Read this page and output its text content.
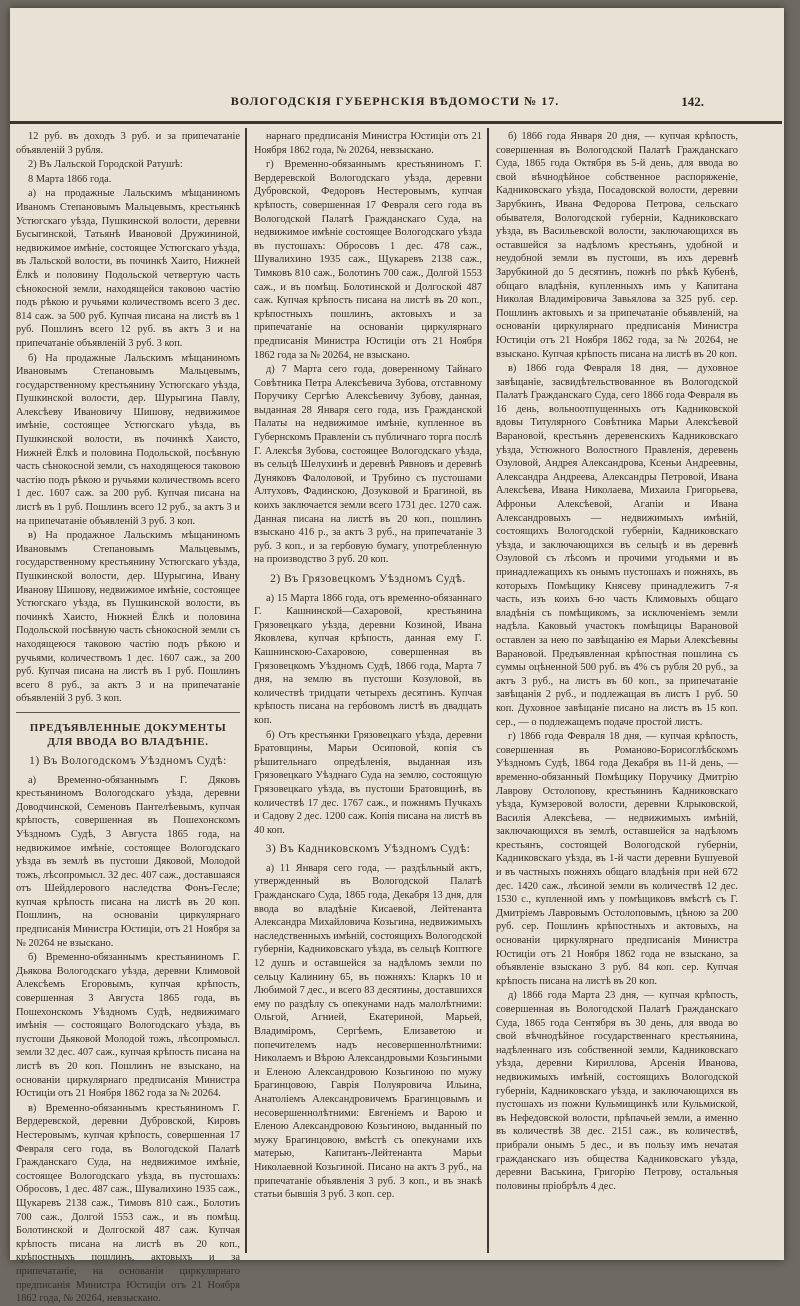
ВОЛОГОДСКІЯ ГУБЕРНСКІЯ ВѢДОМОСТИ № 17.	142.

12 руб. въ доходъ 3 руб. и за припечатаніе объявленій 3 рубля.

2) Въ Лальской Городской Ратушѣ:

8 Марта 1866 года.

а) на продажные Лальскимъ мѣщаниномъ Иваномъ Степановымъ Мальцевымъ, крестьянкѣ Устюгскаго уѣзда, Пушкинской волости, деревни Бусыгинской, Татьянѣ Ивановой Дружининой, недвижимое имѣніе, состоящее Устюгскаго уѣзда, въ Лальской волости, въ починкѣ Хаито, Нижней Ёлкѣ и половину Подольской четвертую часть сѣнокосной земли, находящейся таковою частію подъ рѣкою и ручьями количествомъ всего 3 дес. 814 саж. за 500 руб. Купчая писана на листѣ въ 1 руб. Пошлинъ всего 12 руб. въ актъ 3 и на припечатаніе объявленій 3 руб. 3 коп.

б) На продажные Лальскимъ мѣщаниномъ Ивановымъ Степановымъ Мальцевымъ, государственному крестьянину Устюгскаго уѣзда, Пушкинской волости, дер. Шурыгина Павлу, Алексѣеву Ивановичу Шишову, недвижимое имѣніе, состоящее Устюгскаго уѣзда, въ Пушкинской волости, въ починкѣ Хаисто, Нижней Ёлкѣ и половина Подольской, посѣвную часть сѣнокосной земли, съ находящеюся таковою частію подъ рѣкою и ручьями количествомъ всего 1 дес. 1607 саж. за 200 руб. Купчая писана на листѣ въ 1 руб. Пошлинъ всего 12 руб., за актъ 3 и на припечатаніе объявленій 3 руб. 3 коп.

в) На продажное Лальскимъ мѣщаниномъ Ивановымъ Степановымъ Мальцевымъ, государственному крестьянину Устюгскаго уѣзда, Пушкинской волости, дер. Шурыгина, Ивану Иванову Шишову, недвижимое имѣніе, состоящее Устюгскаго уѣзда, въ Пушкинской волости, въ починкѣ Хаисто, Нижней Ёлкѣ и половина Подольской посѣвную часть сѣнокосной земли съ находящеюся таковою частію подъ рѣкою и ручьями, количествомъ 1 дес. 1607 саж., за 200 руб. Купчая писана на листѣ въ 1 руб. Пошлинъ всего 8 руб., за актъ 3 и на припечатаніе объявленій 3 руб. 3 коп.

ПРЕДЪЯВЛЕННЫЕ ДОКУМЕНТЫ ДЛЯ ВВОДА ВО ВЛАДѢНІЕ.
1) Въ Вологодскомъ Уѣздномъ Судѣ:

а) Временно-обязаннымъ Г. Дяковъ крестьяниномъ Вологодскаго уѣзда, деревни Доводчинской, Семеновъ Пантелѣевымъ, купчая крѣпость, совершенная въ Пошехонскомъ Уѣздномъ Судѣ, 3 Августа 1865 года, на недвижимое имѣніе, состоящее Вологодскаго уѣзда въ землѣ въ пустоши Дяковой, Молодой тожъ, лѣсопромысл. 32 дес. 407 саж., доставшаяся отъ Шейдлерового наследства Фонъ-Гесле; купчая крѣпость писана на листѣ въ 20 коп. Пошлинъ, на основаніи циркулярнаго предписанія Министра Юстиціи, отъ 21 Ноября за № 20264 не взыскано.

б) Временно-обязаннымъ крестьяниномъ Г. Дьякова Вологодскаго уѣзда, деревни Климовой Алексѣемъ Егоровымъ, купчая крѣпость, совершенная 3 Августа 1865 года, въ Пошехонскомъ Уѣздномъ Судѣ, недвижимаго имѣнія — состоящаго Вологодскаго уѣзда, въ пустоши Дьяковой Молодой тожъ, лѣсопромысл. земли 32 дес. 407 саж., купчая крѣпость писана на листѣ въ 20 коп. Пошлинъ не взыскано, на основаніи циркулярнаго предписанія Министра Юстиціи отъ 21 Ноября 1862 года за № 20264.

в) Временно-обязаннымъ крестьяниномъ Г. Вердеревской, деревни Дубровской, Кировъ Нестеровымъ, купчая крѣпость, совершенная 17 Февраля сего года, въ Вологодской Палатѣ Гражданскаго Суда, на недвижимое имѣніе, состоящее Вологодскаго уѣзда, въ пустошахъ: Обросовъ, 1 дес. 487 саж., Шувалихино 1935 саж., Щукаревъ 2138 саж., Тимовъ 810 саж., Болотиъ 700 саж., Долгой 1553 саж., и въ помѣщ. Болотинской и Долгоской 487 саж. Купчая крѣпость писана на листѣ въ 20 коп., крѣпостныхъ пошлинъ, актовыхъ и за припечатаніе, на основаніи циркулярнаго предписанія Министра Юстиціи отъ 21 Ноября 1862 года, № 20264, невзыскано.

нарнаго предписанія Министра Юстиціи отъ 21 Ноября 1862 года, № 20264, невзыскано.

г) Временно-обязаннымъ крестьяниномъ Г. Вердеревской Вологодскаго уѣзда, деревни Дубровской, Федоровъ Нестеровымъ, купчая крѣпость, совершенная 17 Февраля сего года въ Вологодской Палатѣ Гражданскаго Суда, на недвижимое имѣніе состоящее Вологодскаго уѣзда въ пустошахъ: Обросовъ 1 дес. 478 саж., Шувалихино 1935 саж., Щукаревъ 2138 саж., Тимковъ 810 саж., Болотинъ 700 саж., Долгой 1553 саж., и въ помѣщ. Болотинской и Долгоской 487 саж. Купчая крѣпость писана на листѣ въ 20 коп., крѣпостныхъ пошлинъ, актовыхъ и за припечатаніе на основаніи циркулярнаго предписанія Министра Юстиціи отъ 21 Ноября 1862 года за № 20264, не взыскано.

д) 7 Марта сего года, доверенному Тайнаго Совѣтника Петра Алексѣевича Зубова, отставному Поручику Сергѣю Алексѣевичу Зубову, данная, выданная 28 Января сего года, изъ Гражданской Палаты на недвижимое имѣніе, купленное въ Губернскомъ Правленіи съ публичнаго торга послѣ Г. Алексѣя Зубова, состоящее Вологодскаго уѣзда, въ сельцѣ Шелухинѣ и деревнѣ Рявновъ и деревнѣ Дуняковъ Фалоловой, и Трубино съ пустошами Алтуховъ, Фадинскою, Дозуковой и Брагиной, въ коихъ заключается земли всего 1731 дес. 1270 саж. Данная писана на листѣ въ 20 коп., пошлинъ взыскано 416 р., за актъ 3 руб., на припечатаніе 3 руб. 3 коп., и за гербовую бумагу, употребленную на производство 3 руб. 20 коп.

2) Въ Грязовецкомъ Уѣздномъ Судѣ.

а) 15 Марта 1866 года, отъ временно-обязаннаго Г. Кашнинской—Сахаровой, крестьянина Грязовецкаго уѣзда, деревни Козиной, Ивана Яковлева, купчая крѣпость, данная ему Г. Кашнинскою-Сахаровою, совершенная въ Грязовецкомъ Уѣздномъ Судѣ, 1866 года, Марта 7 дня, на землю въ пустоши Козуловой, въ количествѣ тридцати четырехъ десятинъ. Купчая крѣпость писана на гербовомъ листѣ въ двадцать коп.

б) Отъ крестьянки Грязовецкаго уѣзда, деревни Братовщины, Марьи Осиповой, копія съ рѣшительнаго опредѣленія, выданная изъ Грязовецкаго Уѣзднаго Суда на землю, состоящую Грязовецкаго уѣзда, въ пустоши Братовщинѣ, въ количествѣ 17 дес. 1767 саж., и пожнямъ Пучкахъ и Садову 2 дес. 1200 саж. Копія писана на листѣ въ 40 коп.

3) Въ Кадниковскомъ Уѣздномъ Судѣ:

а) 11 Января сего года, — раздѣльный актъ, утвержденный въ Вологодской Палатѣ Гражданскаго Суда, 1865 года, Декабря 13 дня, для ввода во владѣніе Кисаевой, Лейтенанта Александра Михайловича Козьгина, недвижимыхъ наследственныхъ имѣній, состоящихъ Вологодской губерніи, Кадниковскаго уѣзда, въ сельцѣ Коптюге 12 душъ и оставшейся за надѣломъ земли по сельцу Калинину 65, въ пожняхъ: Кларкъ 10 и Любимой 7 дес., и всего 83 десятины, доставшихся ему по раздѣлу съ опекунами надъ малолѣтними: Ольгой, Агнией, Екатериной, Марьей, Владиміромъ, Сергѣемъ, Елизаветою и попечителемъ надъ несовершеннолѣтними: Николаемъ и Вѣрою Александровыми Козьгиными и Еленою Александровою Козьгиною по мужу Брагинцовою, Гаврiя Полуяровича Ильина, Анатоліемъ Александровичемъ Брагинцовымъ и несовершеннолѣтними: Евгеніемъ и Варою и Еленою Александровою Козьгиною, выданный по мужу Брагинцовою, вмѣстѣ съ опекунами ихъ матерью, Капитанъ-Лейтенанта Марьи Николаевной Козьгиной. Писано на актъ 3 руб., на припечатаніе объявленія 3 руб. 3 коп., и въ знакѣ статьи бывшія 3 руб. 3 коп. сер.

б) 1866 года Января 20 дня, — купчая крѣпость, совершенная въ Вологодской Палатѣ Гражданскаго Суда, 1865 года Октября въ 5-й день, для ввода во свой вѣчнодѣйное собственное распоряженіе, Кадниковскаго уѣзда, Посадовской волости, деревни Зарубкинъ, Ивана Федорова Петрова, сельскаго обывателя, Вологодской губерніи, Кадниковскаго уѣзда, въ Васильевской волости, заключающихся въ оставшейся за надѣломъ крестьянъ, удобной и неудобной земли въ пустоши, въ ихъ деревнѣ Зарубкиной до 5 десятинъ, пожнѣ по рѣкѣ Кубенѣ, общаго владѣнія, купленныхъ имъ у Капитана Николая Владиміровича Завьялова за 325 руб. сер. Пошлинъ актовыхъ и за припечатаніе объявленій, на основаніи циркулярнаго предписанія Министра Юстиціи отъ 21 Ноября 1862 года, за № 20264, не взыскано. Купчая крѣпость писана на листѣ въ 20 коп.

в) 1866 года Февраля 18 дня, — духовное завѣщаніе, засвидѣтельствованное въ Вологодской Палатѣ Гражданскаго Суда, сего 1866 года Февраля въ 16 день, вольноотпущенныхъ отъ Кадниковской вдовы Титулярного Совѣтника Марьи Алексѣевой Варановой, крестьянъ деревенскихъ Кадниковскаго уѣзда, Устюжного Волостного Правленія, деревень Озуловой, Андрея Александрова, Ксеньи Андреевны, Александра Андреева, Александры Петровой, Ивана Алексѣева, Ивана Николаева, Михаила Григорьева, Афроньи Алексѣевой, Агапіи и Ивана Александровыхъ — недвижимыхъ имѣній, состоящихъ Вологодской губерніи, Кадниковскаго уѣзда, и заключающихся въ сельцѣ и въ деревнѣ Озуловой съ лѣсомъ и прочими угодьями и въ принадлежащихъ къ онымъ пустошахъ и пожняхъ, въ которыхъ Помѣщику Княсеву принадлежитъ 7-я часть, изъ коихъ 6-ю часть Климовыхъ общаго владѣнія съ помѣщикомъ, за исключеніемъ земли надѣла. Каковый участокъ помѣщицы Варановой оставлен за нею по завѣщанію ея Марьи Алексѣевны Варановой. Предъявленная крѣпостная пошлина съ суммы оцѣненной 500 руб. въ 4% съ рубля 20 руб., за актъ 3 руб., на листъ въ 60 коп., за припечатаніе завѣщанія 2 руб., и подлежащая въ листъ 1 руб. 50 коп. Духовное завѣщаніе писано на листъ въ 15 коп. сер., — о подлежащемъ подаче простой листъ.

г) 1866 года Февраля 18 дня, — купчая крѣпость, совершенная въ Романово-Борисоглѣбскомъ Уѣздномъ Судѣ, 1864 года Декабря въ 11-й день, — временно-обязанный Помѣщику Поручику Дмитрію Лаврову Остолопову, крестьянинъ Кадниковскаго уѣзда, Кумзеровой волости, деревни Клрыковской, Василія Алексѣева, — недвижимыхъ имѣній, заключающихся въ землѣ, оставшейся за надѣломъ крестьянъ, состоящей Вологодской губерніи, Кадниковскаго уѣзда, въ 1-й части деревни Бушуевой и въ частныхъ пожняхъ общаго владѣнія при ней 672 дес. 1420 саж., лѣсиной земли въ количествѣ 12 дес. 1530 с., купленной имъ у помѣщиковъ вмѣстѣ съ Г. Дмитріемъ Лавровымъ Остолоповымъ, цѣною за 200 руб. сер. Пошлинъ крѣпостныхъ и актовыхъ, на основаніи циркулярнаго предписанія Министра Юстиціи отъ 21 Ноября 1862 года не взыскано, за объявленіе взыскано 3 руб. 84 коп. сер. Купчая крѣпость писана на листѣ въ 20 коп.

д) 1866 года Марта 23 дня, — купчая крѣпость, совершенная въ Вологодской Палатѣ Гражданскаго Суда, 1865 года Сентября въ 30 день, для ввода во свой вѣчнодѣйное государственнаго крестьянина, надѣленнаго изъ собственной земли, Кадниковскаго уѣзда, деревни Кириллова, Арсенія Иванова, недвижимыхъ имѣній, состоящихъ Вологодской губерніи, Кадниковскаго уѣзда, и заключающихся въ пустошахъ из пожни Кульмищинкѣ или Кульмиской, въ Нефедовской волости, прѣпачьей земли, а именно въ количествѣ 38 дес. 2151 саж., въ количествѣ, прибрали онымъ 5 дес., и въ пользу имъ нечатая гражданскаго изъ общества Кадниковскаго уѣзда, деревни Васькина, Григорію Петрову, остальныя половины пріобрѣлъ 4 дес.
